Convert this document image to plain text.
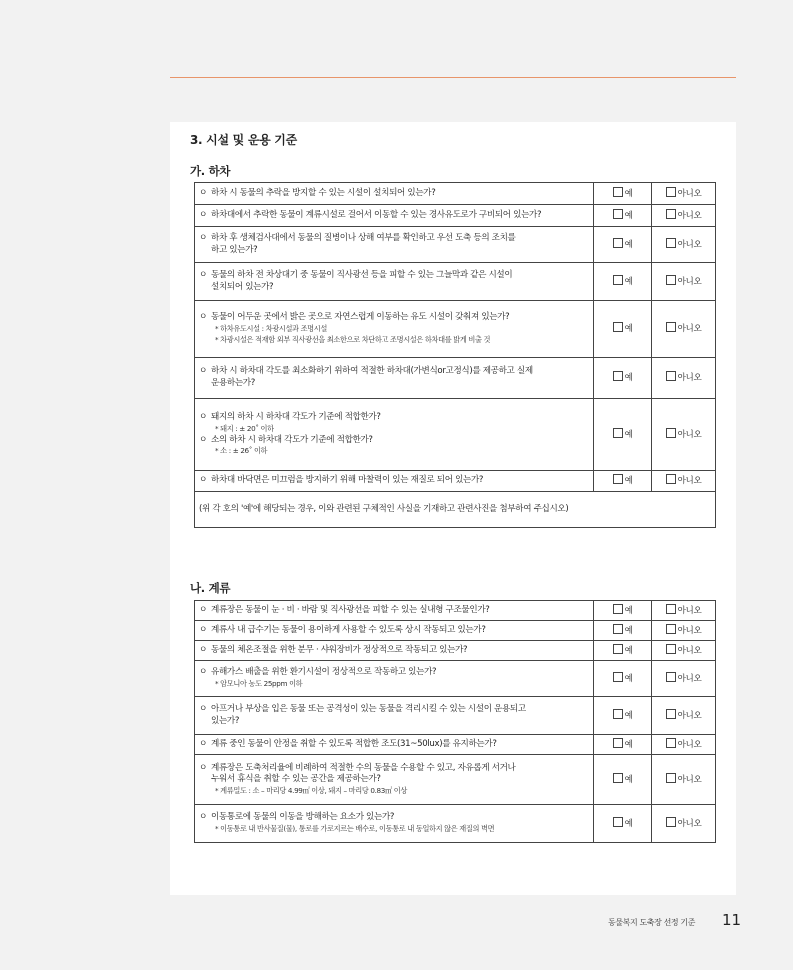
3. 시설 및 운용 기준
가. 하차
ㅇ 하차 시 동물의 추락을 방지할 수 있는 시설이 설치되어 있는가?	예	아니오

ㅇ 하차대에서 추락한 동물이 계류시설로 걸어서 이동할 수 있는 경사유도로가 구비되어 있는가?	예	아니오

ㅇ 하차 후 생체검사대에서 동물의 질병이나 상해 여부를 확인하고 우선 도축 등의 조치를
하고 있는가?	예	아니오

ㅇ 동물의 하차 전 차상대기 중 동물이 직사광선 등을 피할 수 있는 그늘막과 같은 시설이
설치되어 있는가?	예	아니오

ㅇ 동물이 어두운 곳에서 밝은 곳으로 자연스럽게 이동하는 유도 시설이 갖춰져 있는가?
* 하차유도시설 : 차광시설과 조명시설
* 차광시설은 적재함 외부 직사광선을 최소한으로 차단하고 조명시설은 하차대를 밝게 비출 것	예	아니오

ㅇ 하차 시 하차대 각도를 최소화하기 위하여 적절한 하차대(가변식or고정식)를 제공하고 실제
운용하는가?	예	아니오

ㅇ 돼지의 하차 시 하차대 각도가 기준에 적합한가?
* 돼지 : ± 20˚ 이하
ㅇ 소의 하차 시 하차대 각도가 기준에 적합한가?
* 소 : ± 26˚ 이하	예	아니오

ㅇ 하차대 바닥면은 미끄럼을 방지하기 위해 마찰력이 있는 재질로 되어 있는가?	예	아니오
(위 각 호의 '예'에 해당되는 경우, 이와 관련된 구체적인 사실을 기재하고 관련사진을 첨부하여 주십시오)		
나. 계류
ㅇ 계류장은 동물이 눈 · 비 · 바람 및 직사광선을 피할 수 있는 실내형 구조물인가?	예	아니오

ㅇ 계류사 내 급수기는 동물이 용이하게 사용할 수 있도록 상시 작동되고 있는가?	예	아니오

ㅇ 동물의 체온조절을 위한 분무 · 샤워장비가 정상적으로 작동되고 있는가?	예	아니오

ㅇ 유해가스 배출을 위한 환기시설이 정상적으로 작동하고 있는가?
* 암모니아 농도 25ppm 이하	예	아니오

ㅇ 아프거나 부상을 입은 동물 또는 공격성이 있는 동물을 격리시킬 수 있는 시설이 운용되고
있는가?	예	아니오

ㅇ 계류 중인 동물이 안정을 취할 수 있도록 적합한 조도(31~50lux)를 유지하는가?	예	아니오

ㅇ 계류장은 도축처리율에 비례하여 적절한 수의 동물을 수용할 수 있고, 자유롭게 서거나
누워서 휴식을 취할 수 있는 공간을 제공하는가?
* 계류밀도 : 소 – 마리당 4.99㎡ 이상, 돼지 – 마리당 0.83㎡ 이상	예	아니오

ㅇ 이동통로에 동물의 이동을 방해하는 요소가 있는가?
* 이동통로 내 반사물질(물), 통로를 가로지르는 배수로, 이동통로 내 동일하지 않은 재질의 벽면	예	아니오
동물복지 도축장 선정 기준 11
